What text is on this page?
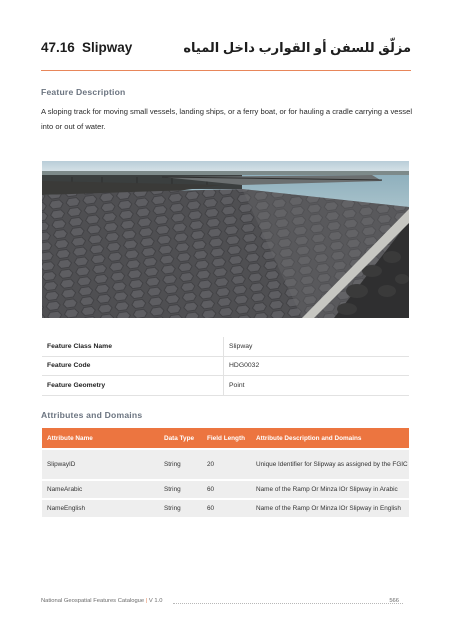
47.16 Slipway	مزلّق للسفن أو القوارب داخل المياه
Feature Description
A sloping track for moving small vessels, landing ships, or a ferry boat, or for hauling a cradle carrying a vessel into or out of water.
Feature Class Name	Slipway
Feature Code	HDG0032
Feature Geometry	Point
Attributes and Domains
Attribute Name	Data Type	Field Length	Attribute Description and Domains
SlipwayID	String	20	Unique Identifier for Slipway as assigned by the FGIC
NameArabic	String	60	Name of the Ramp Or Minza lOr Slipway in Arabic
NameEnglish	String	60	Name of the Ramp Or Minza lOr Slipway in English
National Geospatial Features Catalogue | V 1.0	566
